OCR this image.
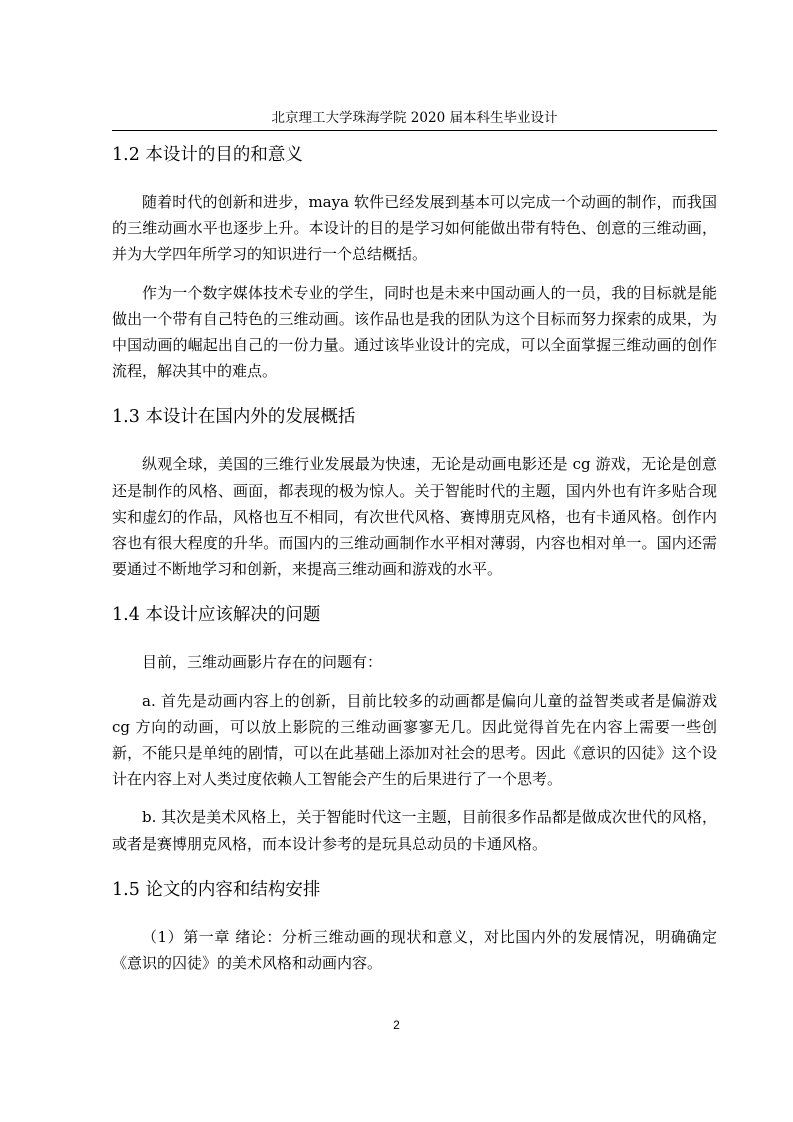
北京理工大学珠海学院 2020 届本科生毕业设计
1.2 本设计的目的和意义

随着时代的创新和进步，maya 软件已经发展到基本可以完成一个动画的制作，而我国的三维动画水平也逐步上升。本设计的目的是学习如何能做出带有特色、创意的三维动画，并为大学四年所学习的知识进行一个总结概括。

作为一个数字媒体技术专业的学生，同时也是未来中国动画人的一员，我的目标就是能做出一个带有自己特色的三维动画。该作品也是我的团队为这个目标而努力探索的成果，为中国动画的崛起出自己的一份力量。通过该毕业设计的完成，可以全面掌握三维动画的创作流程，解决其中的难点。

1.3 本设计在国内外的发展概括

纵观全球，美国的三维行业发展最为快速，无论是动画电影还是 cg 游戏，无论是创意还是制作的风格、画面，都表现的极为惊人。关于智能时代的主题，国内外也有许多贴合现实和虚幻的作品，风格也互不相同，有次世代风格、赛博朋克风格，也有卡通风格。创作内容也有很大程度的升华。而国内的三维动画制作水平相对薄弱，内容也相对单一。国内还需要通过不断地学习和创新，来提高三维动画和游戏的水平。

1.4 本设计应该解决的问题

目前，三维动画影片存在的问题有：

a. 首先是动画内容上的创新，目前比较多的动画都是偏向儿童的益智类或者是偏游戏 cg 方向的动画，可以放上影院的三维动画寥寥无几。因此觉得首先在内容上需要一些创新，不能只是单纯的剧情，可以在此基础上添加对社会的思考。因此《意识的囚徒》这个设计在内容上对人类过度依赖人工智能会产生的后果进行了一个思考。

b. 其次是美术风格上，关于智能时代这一主题，目前很多作品都是做成次世代的风格，或者是赛博朋克风格，而本设计参考的是玩具总动员的卡通风格。

1.5 论文的内容和结构安排

（1）第一章 绪论：分析三维动画的现状和意义，对比国内外的发展情况，明确确定《意识的囚徒》的美术风格和动画内容。

2
